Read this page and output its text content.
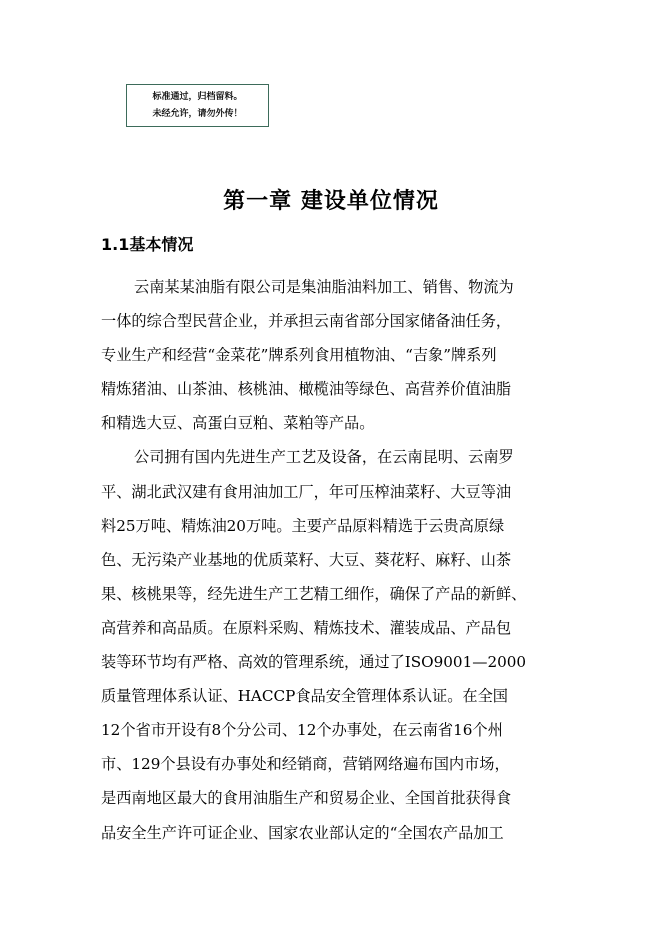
标准通过，归档留料。
未经允许，请勿外传！
第一章 建设单位情况
1.1基本情况
云南某某油脂有限公司是集油脂油料加工、销售、物流为
一体的综合型民营企业，并承担云南省部分国家储备油任务，
专业生产和经营“金菜花”牌系列食用植物油、“吉象”牌系列
精炼猪油、山茶油、核桃油、橄榄油等绿色、高营养价值油脂
和精选大豆、高蛋白豆粕、菜粕等产品。
公司拥有国内先进生产工艺及设备，在云南昆明、云南罗
平、湖北武汉建有食用油加工厂，年可压榨油菜籽、大豆等油
料25万吨、精炼油20万吨。主要产品原料精选于云贵高原绿
色、无污染产业基地的优质菜籽、大豆、葵花籽、麻籽、山茶
果、核桃果等，经先进生产工艺精工细作，确保了产品的新鲜、
高营养和高品质。在原料采购、精炼技术、灌装成品、产品包
装等环节均有严格、高效的管理系统，通过了ISO9001—2000
质量管理体系认证、HACCP食品安全管理体系认证。在全国
12个省市开设有8个分公司、12个办事处，在云南省16个州
市、129个县设有办事处和经销商，营销网络遍布国内市场，
是西南地区最大的食用油脂生产和贸易企业、全国首批获得食
品安全生产许可证企业、国家农业部认定的“全国农产品加工
